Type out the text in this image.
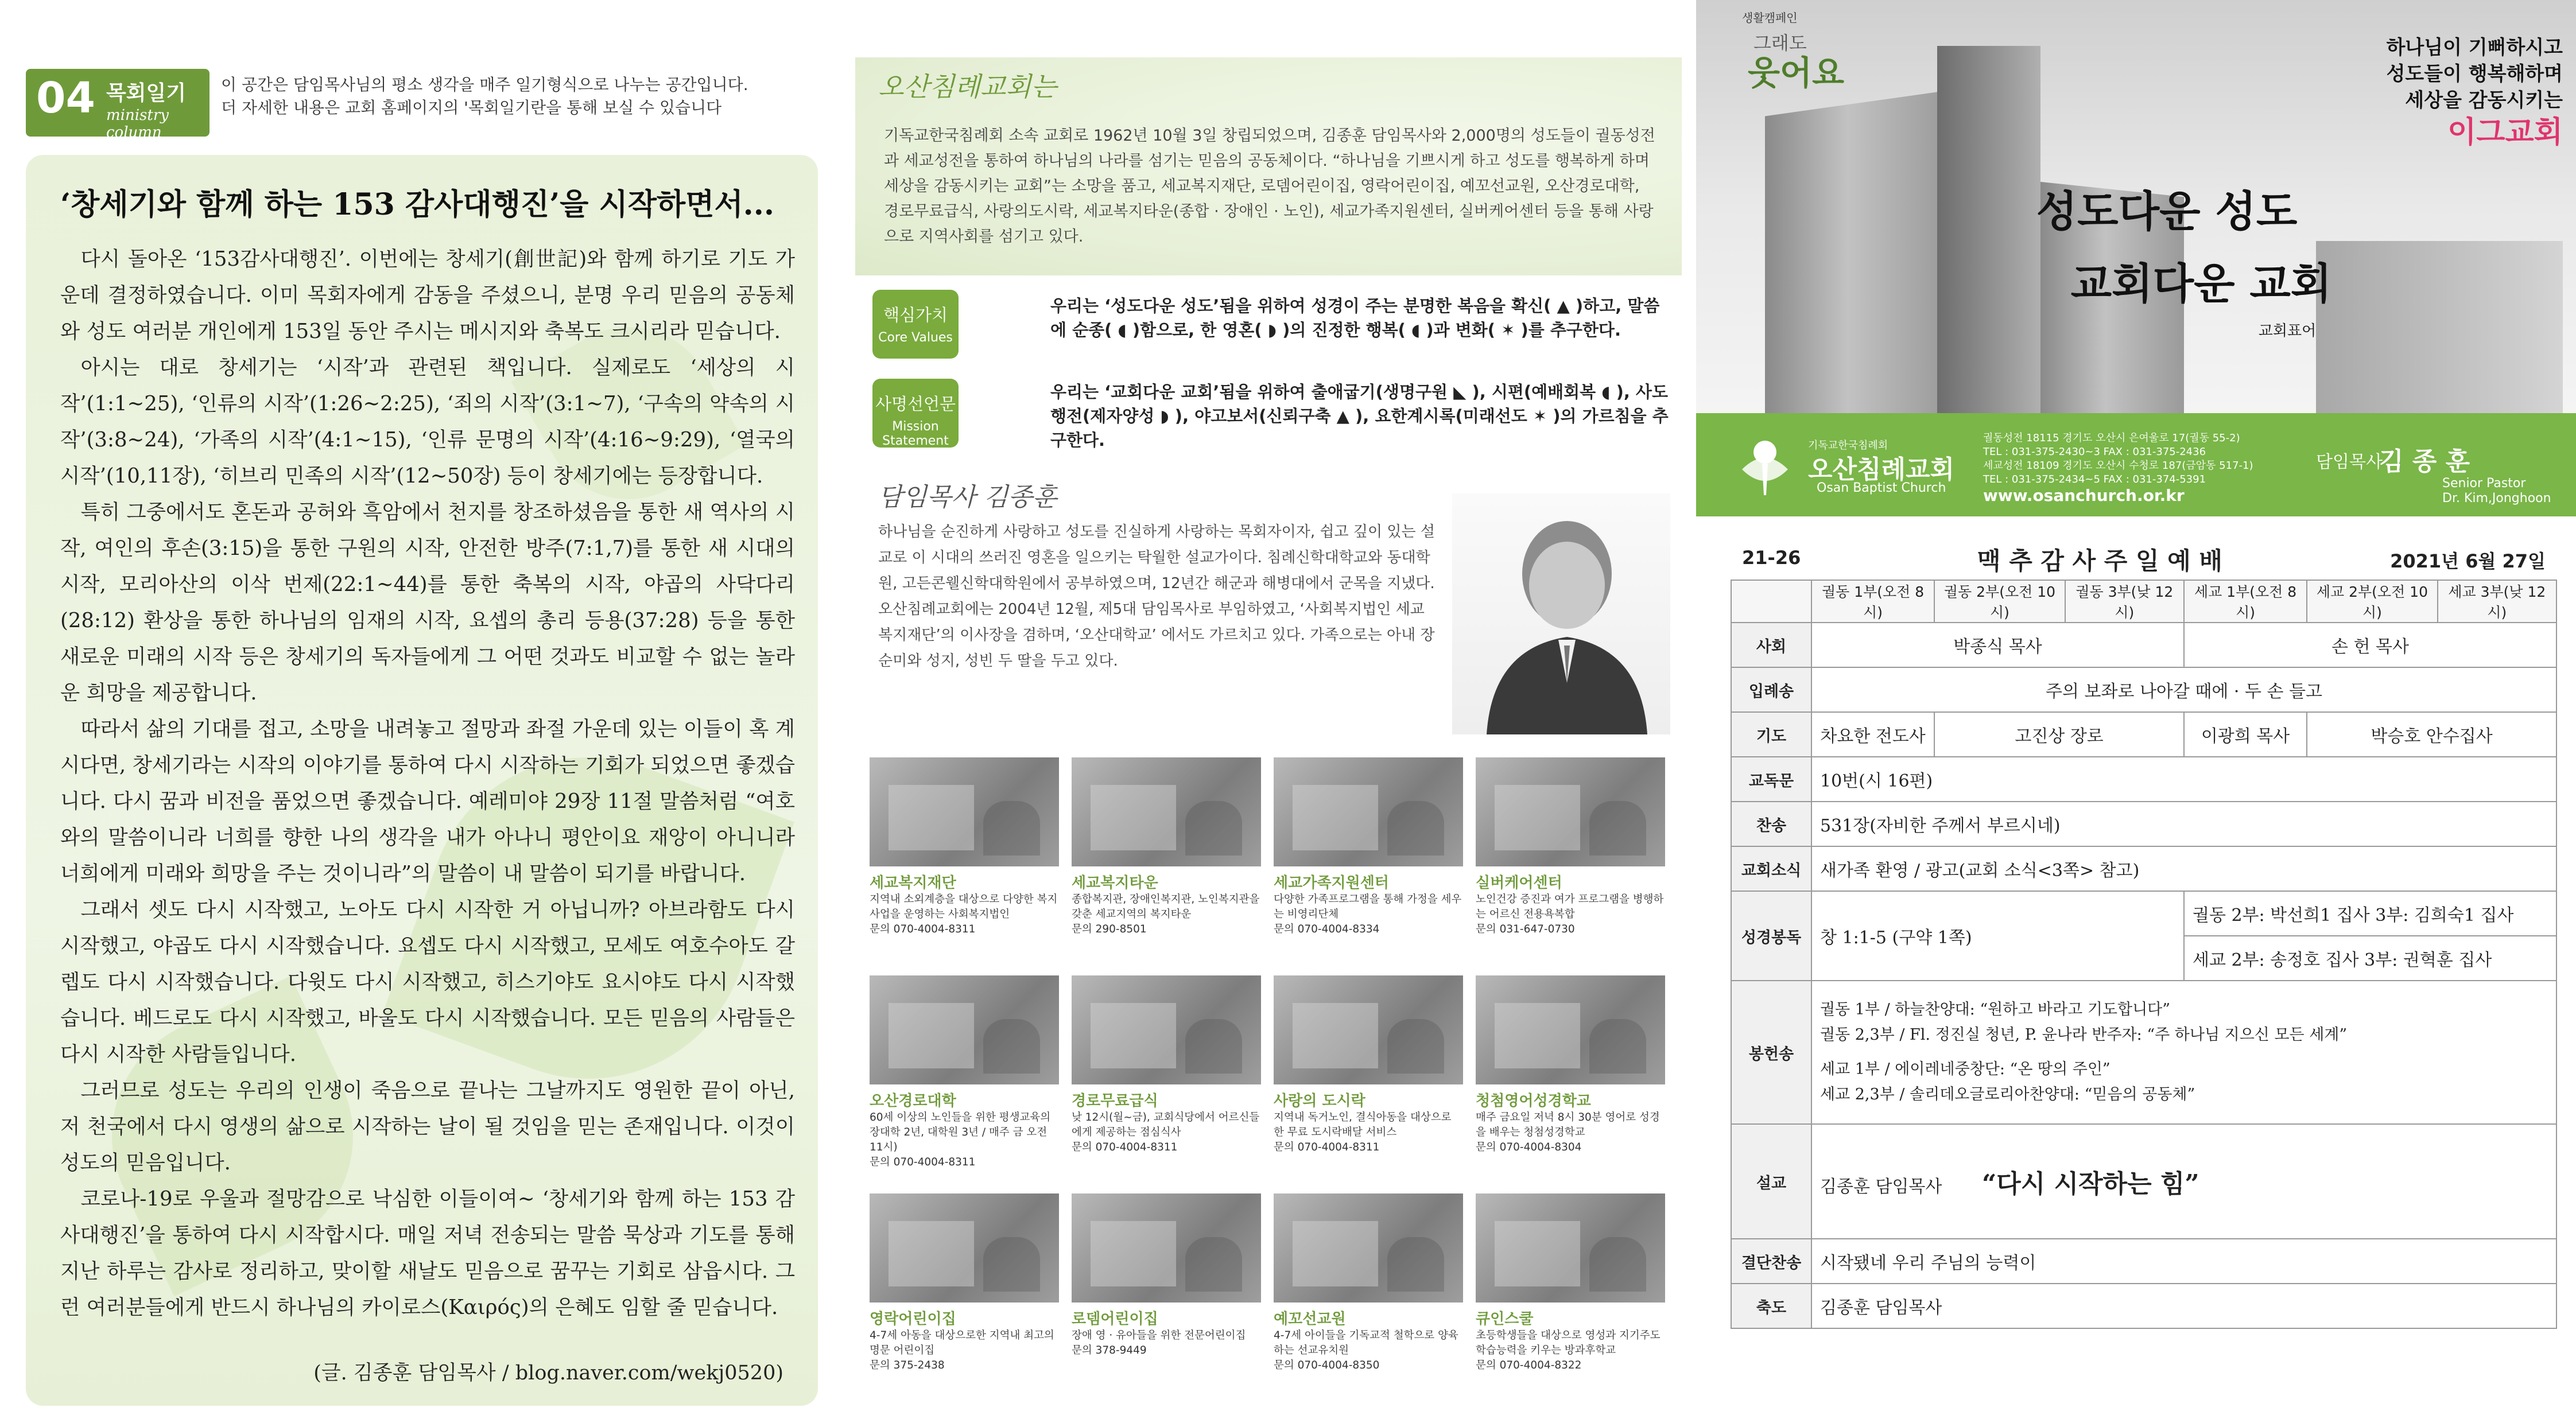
04 목회일기
ministry column
이 공간은 담임목사님의 평소 생각을 매주 일기형식으로 나누는 공간입니다.
더 자세한 내용은 교회 홈페이지의 '목회일기란을 통해 보실 수 있습니다
‘창세기와 함께 하는 153 감사대행진’을 시작하면서...

다시 돌아온 ‘153감사대행진’. 이번에는 창세기(創世記)와 함께 하기로 기도 가운데 결정하였습니다. 이미 목회자에게 감동을 주셨으니, 분명 우리 믿음의 공동체와 성도 여러분 개인에게 153일 동안 주시는 메시지와 축복도 크시리라 믿습니다.

아시는 대로 창세기는 ‘시작’과 관련된 책입니다. 실제로도 ‘세상의 시작’(1:1~25), ‘인류의 시작’(1:26~2:25), ‘죄의 시작’(3:1~7), ‘구속의 약속의 시작’(3:8~24), ‘가족의 시작’(4:1~15), ‘인류 문명의 시작’(4:16~9:29), ‘열국의 시작’(10,11장), ‘히브리 민족의 시작’(12~50장) 등이 창세기에는 등장합니다.

특히 그중에서도 혼돈과 공허와 흑암에서 천지를 창조하셨음을 통한 새 역사의 시작, 여인의 후손(3:15)을 통한 구원의 시작, 안전한 방주(7:1,7)를 통한 새 시대의 시작, 모리아산의 이삭 번제(22:1~44)를 통한 축복의 시작, 야곱의 사닥다리(28:12) 환상을 통한 하나님의 임재의 시작, 요셉의 총리 등용(37:28) 등을 통한 새로운 미래의 시작 등은 창세기의 독자들에게 그 어떤 것과도 비교할 수 없는 놀라운 희망을 제공합니다.

따라서 삶의 기대를 접고, 소망을 내려놓고 절망과 좌절 가운데 있는 이들이 혹 계시다면, 창세기라는 시작의 이야기를 통하여 다시 시작하는 기회가 되었으면 좋겠습니다. 다시 꿈과 비전을 품었으면 좋겠습니다. 예레미야 29장 11절 말씀처럼 “여호와의 말씀이니라 너희를 향한 나의 생각을 내가 아나니 평안이요 재앙이 아니니라 너희에게 미래와 희망을 주는 것이니라”의 말씀이 내 말씀이 되기를 바랍니다.

그래서 셋도 다시 시작했고, 노아도 다시 시작한 거 아닙니까? 아브라함도 다시 시작했고, 야곱도 다시 시작했습니다. 요셉도 다시 시작했고, 모세도 여호수아도 갈렙도 다시 시작했습니다. 다윗도 다시 시작했고, 히스기야도 요시야도 다시 시작했습니다. 베드로도 다시 시작했고, 바울도 다시 시작했습니다. 모든 믿음의 사람들은 다시 시작한 사람들입니다.

그러므로 성도는 우리의 인생이 죽음으로 끝나는 그날까지도 영원한 끝이 아닌, 저 천국에서 다시 영생의 삶으로 시작하는 날이 될 것임을 믿는 존재입니다. 이것이 성도의 믿음입니다.

코로나-19로 우울과 절망감으로 낙심한 이들이여~ ‘창세기와 함께 하는 153 감사대행진’을 통하여 다시 시작합시다. 매일 저녁 전송되는 말씀 묵상과 기도를 통해 지난 하루는 감사로 정리하고, 맞이할 새날도 믿음으로 꿈꾸는 기회로 삼읍시다. 그런 여러분들에게 반드시 하나님의 카이로스(Καιρός)의 은혜도 임할 줄 믿습니다.

(글. 김종훈 담임목사 / blog.naver.com/wekj0520)
오산침례교회는
기독교한국침례회 소속 교회로 1962년 10월 3일 창립되었으며, 김종훈 담임목사와 2,000명의 성도들이 궐동성전과 세교성전을 통하여 하나님의 나라를 섬기는 믿음의 공동체이다. “하나님을 기쁘시게 하고 성도를 행복하게 하며 세상을 감동시키는 교회”는 소망을 품고, 세교복지재단, 로뎀어린이집, 영락어린이집, 예꼬선교원, 오산경로대학, 경로무료급식, 사랑의도시락, 세교복지타운(종합 · 장애인 · 노인), 세교가족지원센터, 실버케어센터 등을 통해 사랑으로 지역사회를 섬기고 있다.
핵심가치
Core Values
우리는 ‘성도다운 성도’됨을 위하여 성경이 주는 분명한 복음을 확신( ▲ )하고, 말씀에 순종( ◖ )함으로, 한 영혼( ◗ )의 진정한 행복( ◖ )과 변화( ✶ )를 추구한다.
사명선언문
Mission Statement
우리는 ‘교회다운 교회’됨을 위하여 출애굽기(생명구원 ◣ ), 시편(예배회복 ◖ ), 사도행전(제자양성 ◗ ), 야고보서(신뢰구축 ▲ ), 요한계시록(미래선도 ✶ )의 가르침을 추구한다.
담임목사 김종훈
하나님을 순진하게 사랑하고 성도를 진실하게 사랑하는 목회자이자, 쉽고 깊이 있는 설교로 이 시대의 쓰러진 영혼을 일으키는 탁월한 설교가이다. 침례신학대학교와 동대학원, 고든콘웰신학대학원에서 공부하였으며, 12년간 해군과 해병대에서 군목을 지냈다. 오산침례교회에는 2004년 12월, 제5대 담임목사로 부임하였고, ‘사회복지법인 세교복지재단’의 이사장을 겸하며, ‘오산대학교’ 에서도 가르치고 있다. 가족으로는 아내 장순미와 성지, 성빈 두 딸을 두고 있다.
세교복지재단
지역내 소외계층을 대상으로 다양한 복지사업을 운영하는 사회복지법인
문의 070-4004-8311
세교복지타운
종합복지관, 장애인복지관, 노인복지관을 갖춘 세교지역의 복지타운
문의 290-8501
세교가족지원센터
다양한 가족프로그램을 통해 가정을 세우는 비영리단체
문의 070-4004-8334
실버케어센터
노인건강 증진과 여가 프로그램을 병행하는 어르신 전용욕복합
문의 031-647-0730
오산경로대학
60세 이상의 노인들을 위한 평생교육의 장대학 2년, 대학원 3년 / 매주 금 오전 11시)
문의 070-4004-8311
경로무료급식
낮 12시(월~금), 교회식당에서 어르신들에게 제공하는 점심식사
문의 070-4004-8311
사랑의 도시락
지역내 독거노인, 결식아동을 대상으로 한 무료 도시락배달 서비스
문의 070-4004-8311
청첨영어성경학교
매주 금요일 저녁 8시 30분 영어로 성경을 배우는 청첨성경학교
문의 070-4004-8304
영락어린이집
4-7세 아동을 대상으로한 지역내 최고의 명문 어린이집
문의 375-2438
로뎀어린이집
장애 영 · 유아들을 위한 전문어린이집
문의 378-9449
예꼬선교원
4-7세 아이들을 기독교적 철학으로 양육하는 선교유치원
문의 070-4004-8350
큐인스쿨
초등학생들을 대상으로 영성과 지기주도 학습능력을 키우는 방과후학교
문의 070-4004-8322
생활캠페인
그래도
웃어요
하나님이 기뻐하시고
성도들이 행복해하며
세상을 감동시키는
이그교회
성도다운 성도
교회다운 교회
교회표어
기독교한국침례회
오산침례교회
Osan Baptist Church
궐동성전 18115 경기도 오산시 은여울로 17(궐동 55-2)
TEL : 031-375-2430~3 FAX : 031-375-2436
세교성전 18109 경기도 오산시 수청로 187(금암동 517-1)
TEL : 031-375-2434~5 FAX : 031-374-5391
www.osanchurch.or.kr
담임목사
김 종 훈
Senior Pastor
Dr. Kim,Jonghoon
21-26	맥 추 감 사 주 일 예 배	2021년 6월 27일
	궐동 1부(오전 8시)	궐동 2부(오전 10시)	궐동 3부(낮 12시)	세교 1부(오전 8시)	세교 2부(오전 10시)	세교 3부(낮 12시)
사회	박종식 목사			손 헌 목사		
입례송	주의 보좌로 나아갈 때에 · 두 손 들고					
기도	차요한 전도사	고진상 장로		이광희 목사	박승호 안수집사	
교독문	10번(시 16편)					
찬송	531장(자비한 주께서 부르시네)					
교회소식	새가족 환영 / 광고(교회 소식<3쪽> 참고)					
성경봉독	창 1:1-5 (구약 1쪽)			궐동 2부: 박선희1 집사 3부: 김희숙1 집사		
				세교 2부: 송정호 집사 3부: 권혁훈 집사		
봉헌송	궐동 1부 / 하늘찬양대: “원하고 바라고 기도합니다”
궐동 2,3부 / Fl. 정진실 청년, P. 윤나라 반주자: “주 하나님 지으신 모든 세계”
세교 1부 / 에이레네중창단: “온 땅의 주인”
세교 2,3부 / 솔리데오글로리아찬양대: “믿음의 공동체”					

설교	김종훈 담임목사 “다시 시작하는 힘”					
결단찬송	시작됐네 우리 주님의 능력이					
축도	김종훈 담임목사					
